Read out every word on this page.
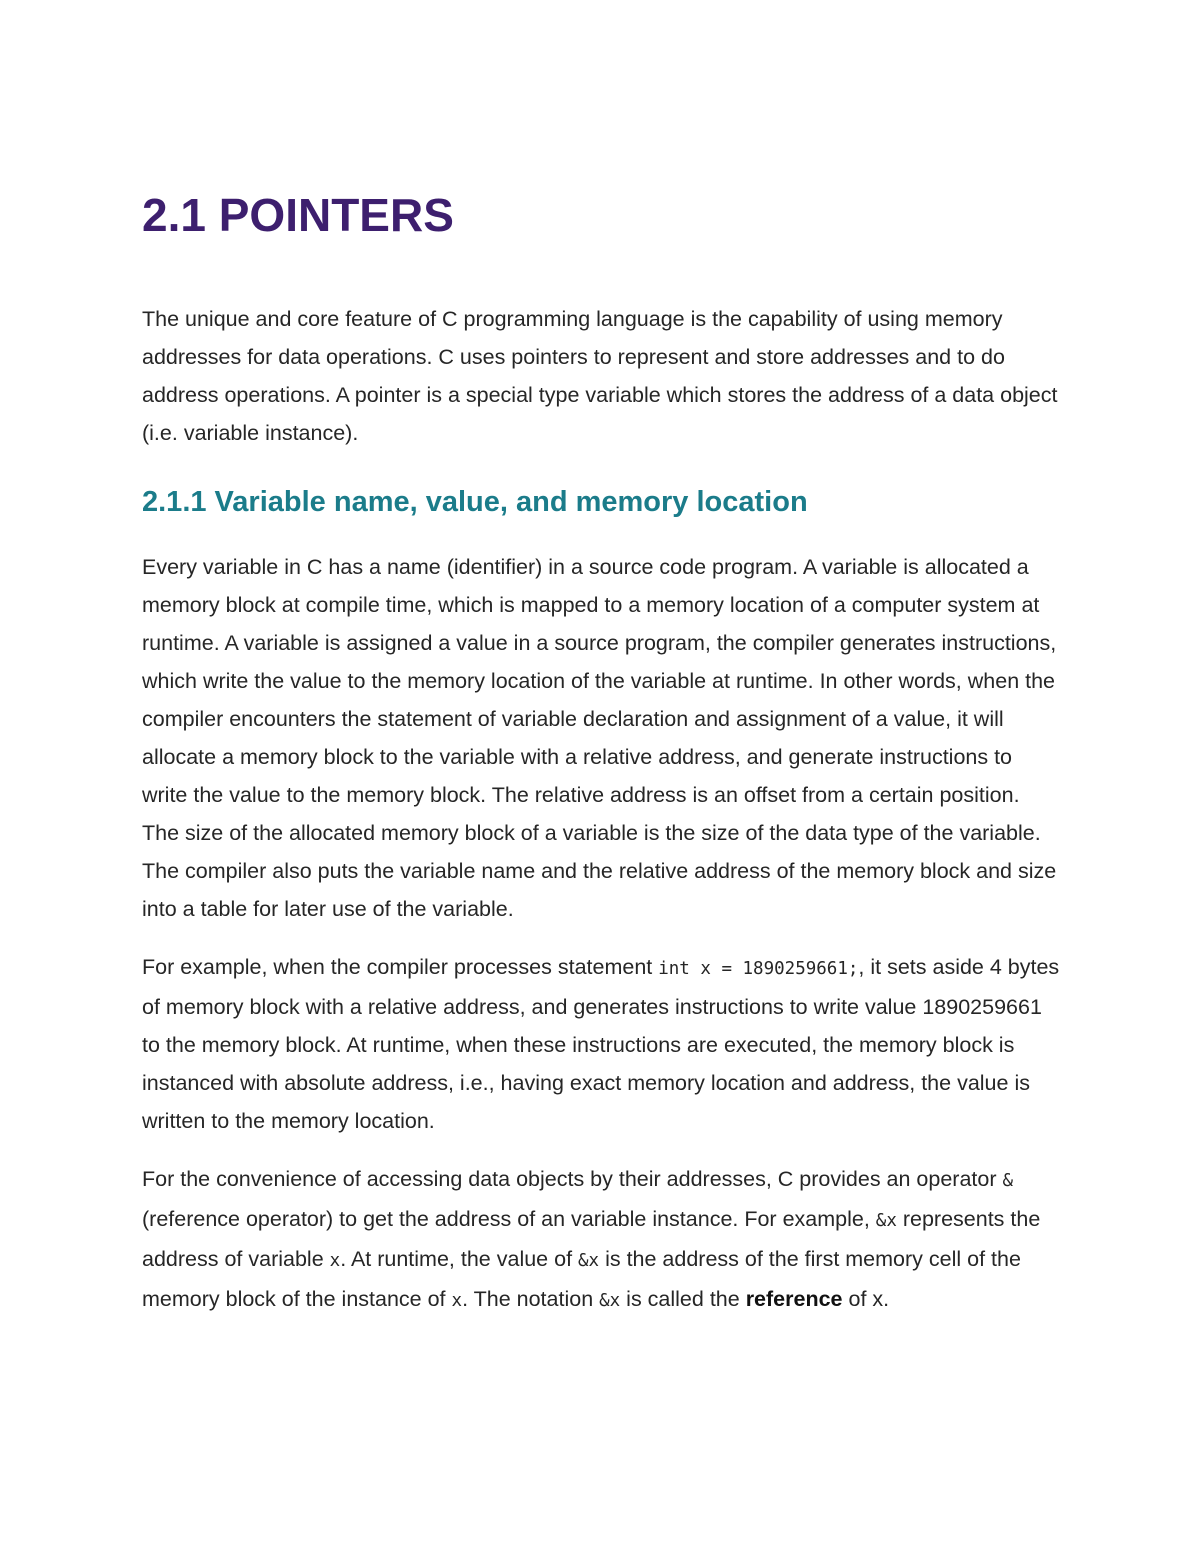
2.1 POINTERS

The unique and core feature of C programming language is the capability of using memory addresses for data operations. C uses pointers to represent and store addresses and to do address operations. A pointer is a special type variable which stores the address of a data object (i.e. variable instance).

2.1.1 Variable name, value, and memory location

Every variable in C has a name (identifier) in a source code program. A variable is allocated a memory block at compile time, which is mapped to a memory location of a computer system at runtime. A variable is assigned a value in a source program, the compiler generates instructions, which write the value to the memory location of the variable at runtime. In other words, when the compiler encounters the statement of variable declaration and assignment of a value, it will allocate a memory block to the variable with a relative address, and generate instructions to write the value to the memory block. The relative address is an offset from a certain position. The size of the allocated memory block of a variable is the size of the data type of the variable. The compiler also puts the variable name and the relative address of the memory block and size into a table for later use of the variable.

For example, when the compiler processes statement int x = 1890259661;, it sets aside 4 bytes of memory block with a relative address, and generates instructions to write value 1890259661 to the memory block. At runtime, when these instructions are executed, the memory block is instanced with absolute address, i.e., having exact memory location and address, the value is written to the memory location.

For the convenience of accessing data objects by their addresses, C provides an operator & (reference operator) to get the address of an variable instance. For example, &x represents the address of variable x. At runtime, the value of &x is the address of the first memory cell of the memory block of the instance of x. The notation &x is called the reference of x.
